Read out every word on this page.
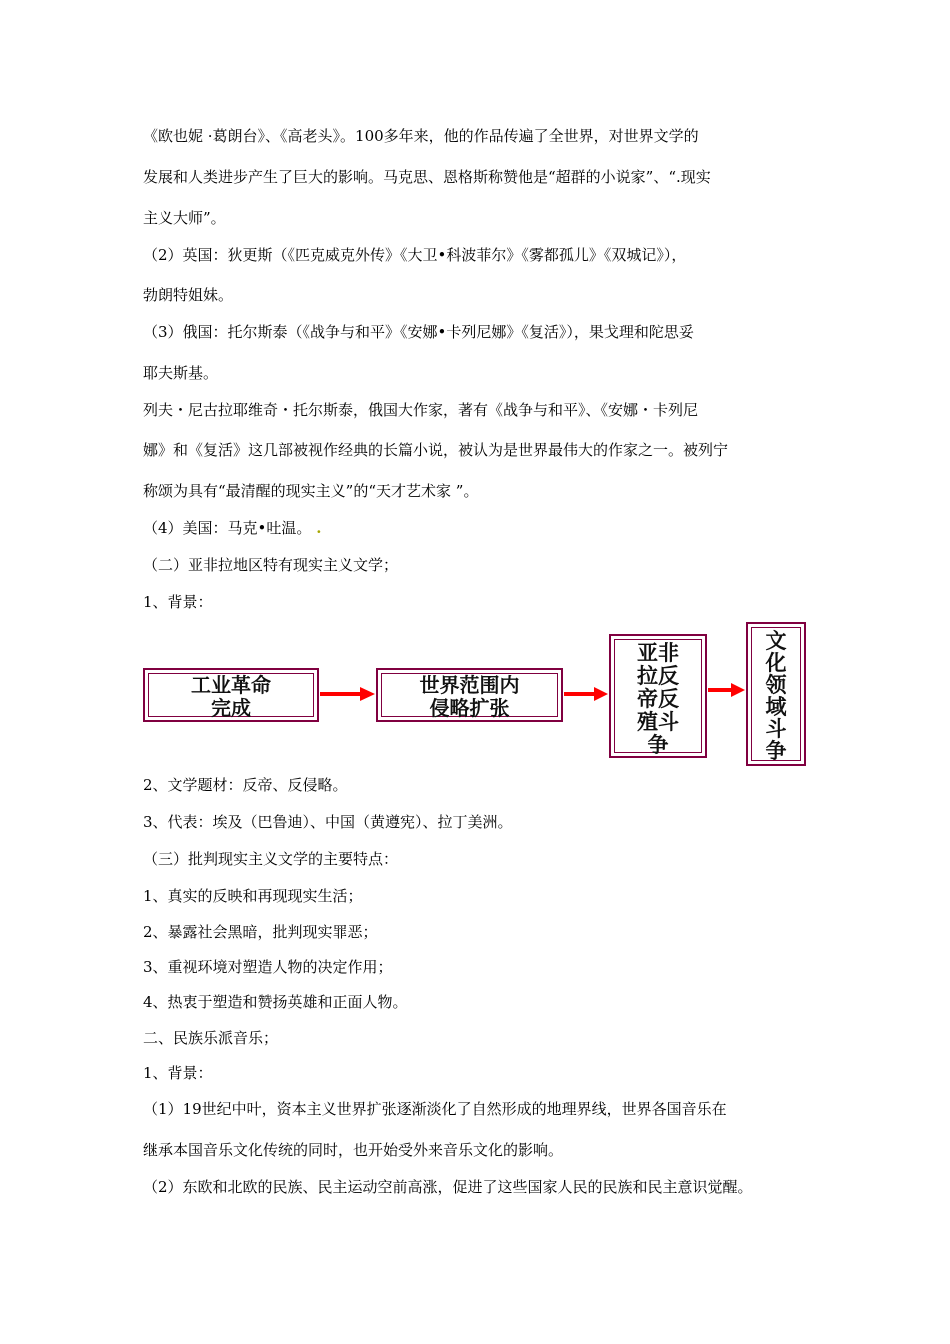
《欧也妮 ·葛朗台》、《高老头》。100多年来，他的作品传遍了全世界，对世界文学的
发展和人类进步产生了巨大的影响。马克思、恩格斯称赞他是“超群的小说家”、“.现实
主义大师”。
（2）英国：狄更斯（《匹克威克外传》《大卫•科波菲尔》《雾都孤儿》《双城记》），
勃朗特姐妹。
（3）俄国：托尔斯泰（《战争与和平》《安娜•卡列尼娜》《复活》），果戈理和陀思妥
耶夫斯基。
列夫・尼古拉耶维奇・托尔斯泰，俄国大作家，著有《战争与和平》、《安娜・卡列尼
娜》和《复活》这几部被视作经典的长篇小说，被认为是世界最伟大的作家之一。被列宁
称颂为具有“最清醒的现实主义”的“天才艺术家 ”。
（4）美国：马克•吐温。 .
（二）亚非拉地区特有现实主义文学；
1、背景：
工业革命
完成
世界范围内
侵略扩张
亚非
拉反
帝反
殖斗
争
文
化
领
域
斗
争
2、文学题材：反帝、反侵略。
3、代表：埃及（巴鲁迪）、中国（黄遵宪）、拉丁美洲。
（三）批判现实主义文学的主要特点：
1、真实的反映和再现现实生活；
2、暴露社会黑暗，批判现实罪恶；
3、重视环境对塑造人物的决定作用；
4、热衷于塑造和赞扬英雄和正面人物。
二、民族乐派音乐；
1、背景：
（1）19世纪中叶，资本主义世界扩张逐渐淡化了自然形成的地理界线，世界各国音乐在
继承本国音乐文化传统的同时，也开始受外来音乐文化的影响。
（2）东欧和北欧的民族、民主运动空前高涨，促进了这些国家人民的民族和民主意识觉醒。
